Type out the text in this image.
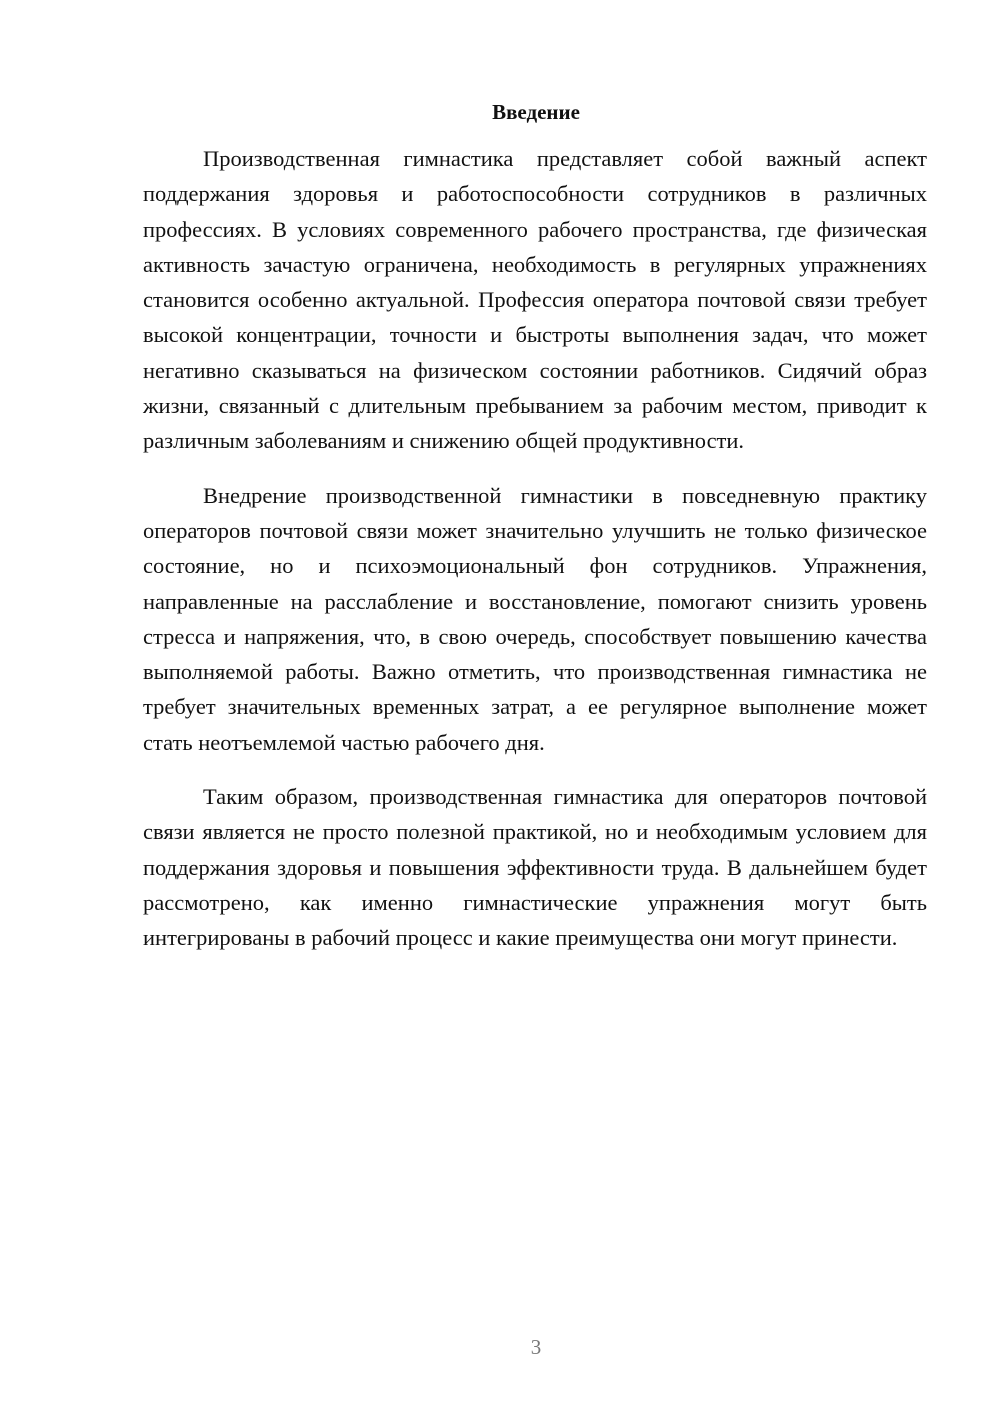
Введение

Производственная гимнастика представляет собой важный аспект поддержания здоровья и работоспособности сотрудников в различных профессиях. В условиях современного рабочего пространства, где физическая активность зачастую ограничена, необходимость в регулярных упражнениях становится особенно актуальной. Профессия оператора почтовой связи требует высокой концентрации, точности и быстроты выполнения задач, что может негативно сказываться на физическом состоянии работников. Сидячий образ жизни, связанный с длительным пребыванием за рабочим местом, приводит к различным заболеваниям и снижению общей продуктивности.

Внедрение производственной гимнастики в повседневную практику операторов почтовой связи может значительно улучшить не только физическое состояние, но и психоэмоциональный фон сотрудников. Упражнения, направленные на расслабление и восстановление, помогают снизить уровень стресса и напряжения, что, в свою очередь, способствует повышению качества выполняемой работы. Важно отметить, что производственная гимнастика не требует значительных временных затрат, а ее регулярное выполнение может стать неотъемлемой частью рабочего дня.

Таким образом, производственная гимнастика для операторов почтовой связи является не просто полезной практикой, но и необходимым условием для поддержания здоровья и повышения эффективности труда. В дальнейшем будет рассмотрено, как именно гимнастические упражнения могут быть интегрированы в рабочий процесс и какие преимущества они могут принести.

3
